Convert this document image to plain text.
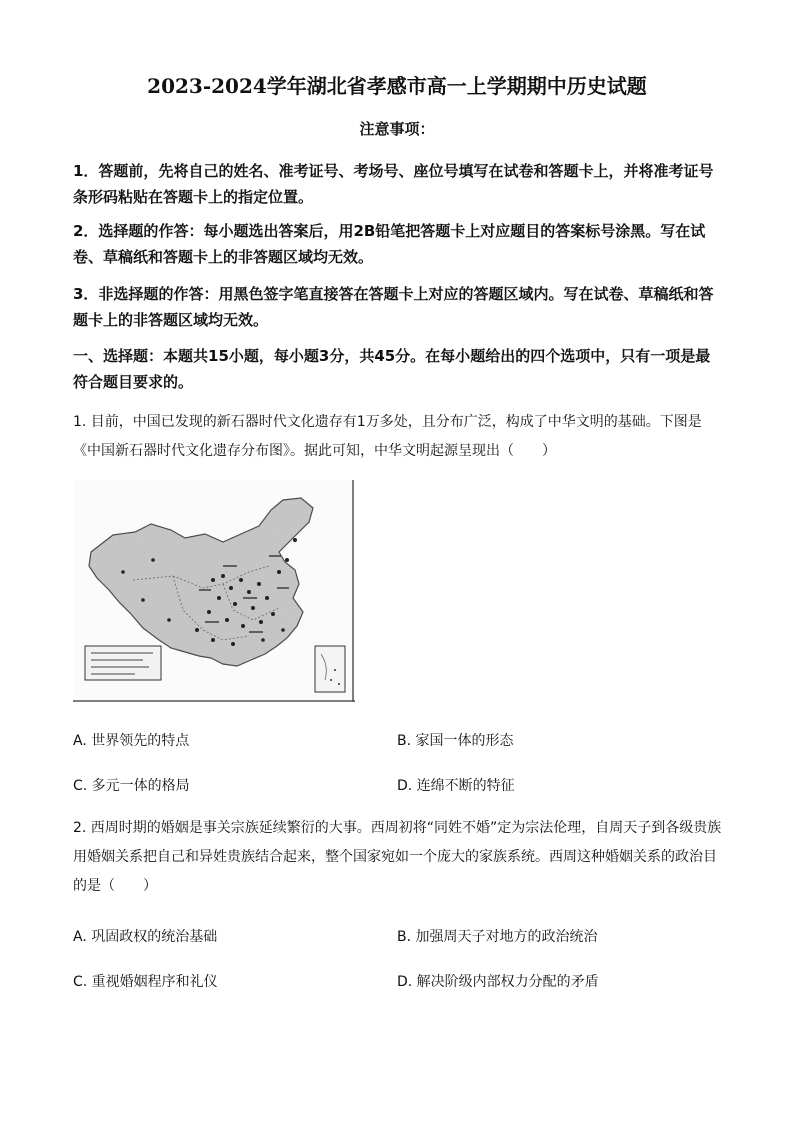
2023-2024学年湖北省孝感市高一上学期期中历史试题
注意事项：
1．答题前，先将自己的姓名、准考证号、考场号、座位号填写在试卷和答题卡上，并将准考证号条形码粘贴在答题卡上的指定位置。
2．选择题的作答：每小题选出答案后，用2B铅笔把答题卡上对应题目的答案标号涂黑。写在试卷、草稿纸和答题卡上的非答题区域均无效。
3．非选择题的作答：用黑色签字笔直接答在答题卡上对应的答题区域内。写在试卷、草稿纸和答题卡上的非答题区域均无效。
一、选择题：本题共15小题，每小题3分，共45分。在每小题给出的四个选项中，只有一项是最符合题目要求的。
1. 目前，中国已发现的新石器时代文化遗存有1万多处，且分布广泛，构成了中华文明的基础。下图是《中国新石器时代文化遗存分布图》。据此可知，中华文明起源呈现出（　　）
A. 世界领先的特点	B. 家国一体的形态
C. 多元一体的格局	D. 连绵不断的特征
2. 西周时期的婚姻是事关宗族延续繁衍的大事。西周初将“同姓不婚”定为宗法伦理，自周天子到各级贵族用婚姻关系把自己和异姓贵族结合起来，整个国家宛如一个庞大的家族系统。西周这种婚姻关系的政治目的是（　　）
A. 巩固政权的统治基础	B. 加强周天子对地方的政治统治
C. 重视婚姻程序和礼仪	D. 解决阶级内部权力分配的矛盾
